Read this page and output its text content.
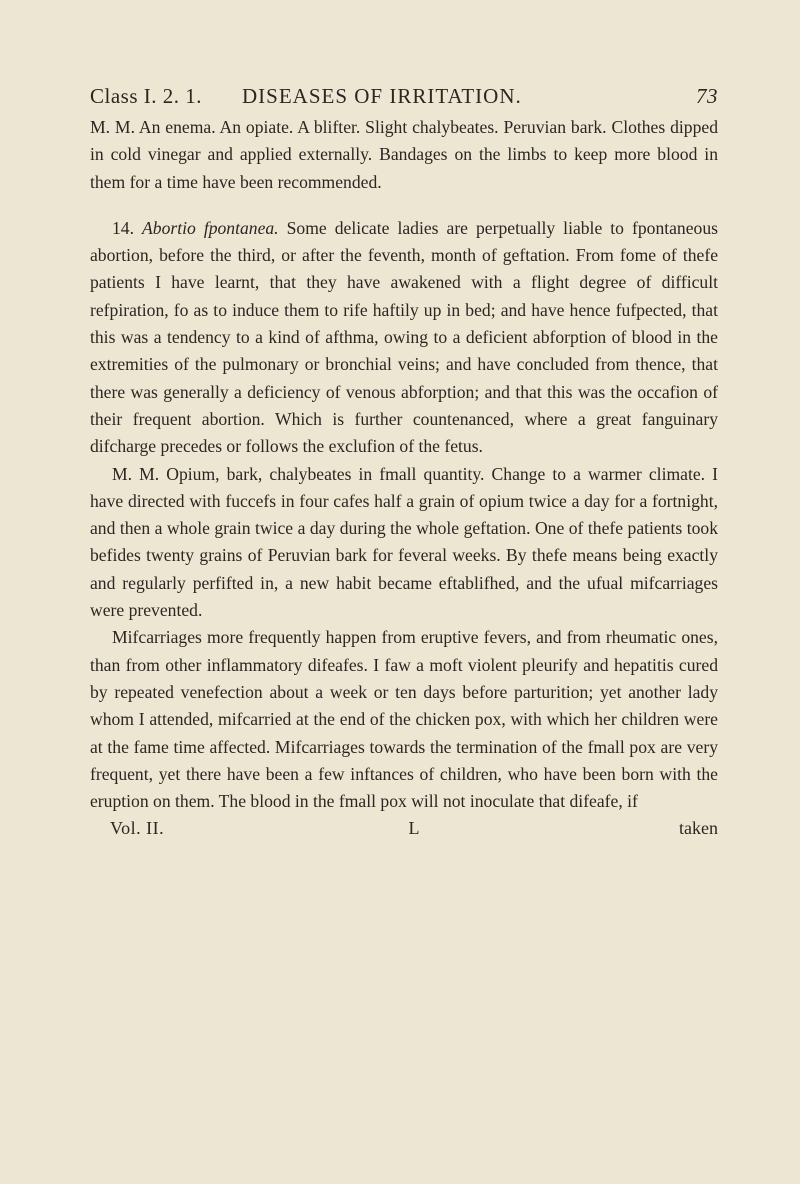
Class I. 2. 1.	DISEASES OF IRRITATION.	73

M. M. An enema. An opiate. A blifter. Slight chalybeates. Peruvian bark. Clothes dipped in cold vinegar and applied externally. Bandages on the limbs to keep more blood in them for a time have been recommended.

14. Abortio fpontanea. Some delicate ladies are perpetually liable to fpontaneous abortion, before the third, or after the feventh, month of geftation. From fome of thefe patients I have learnt, that they have awakened with a flight degree of difficult refpiration, fo as to induce them to rife haftily up in bed; and have hence fufpected, that this was a tendency to a kind of afthma, owing to a deficient abforption of blood in the extremities of the pulmonary or bronchial veins; and have concluded from thence, that there was generally a deficiency of venous abforption; and that this was the occafion of their frequent abortion. Which is further countenanced, where a great fanguinary difcharge precedes or follows the exclufion of the fetus.

M. M. Opium, bark, chalybeates in fmall quantity. Change to a warmer climate. I have directed with fuccefs in four cafes half a grain of opium twice a day for a fortnight, and then a whole grain twice a day during the whole geftation. One of thefe patients took befides twenty grains of Peruvian bark for feveral weeks. By thefe means being exactly and regularly perfifted in, a new habit became eftablifhed, and the ufual mifcarriages were prevented.

Mifcarriages more frequently happen from eruptive fevers, and from rheumatic ones, than from other inflammatory difeafes. I faw a moft violent pleurify and hepatitis cured by repeated venefection about a week or ten days before parturition; yet another lady whom I attended, mifcarried at the end of the chicken pox, with which her children were at the fame time affected. Mifcarriages towards the termination of the fmall pox are very frequent, yet there have been a few inftances of children, who have been born with the eruption on them. The blood in the fmall pox will not inoculate that difeafe, if

Vol. II.	L	taken
